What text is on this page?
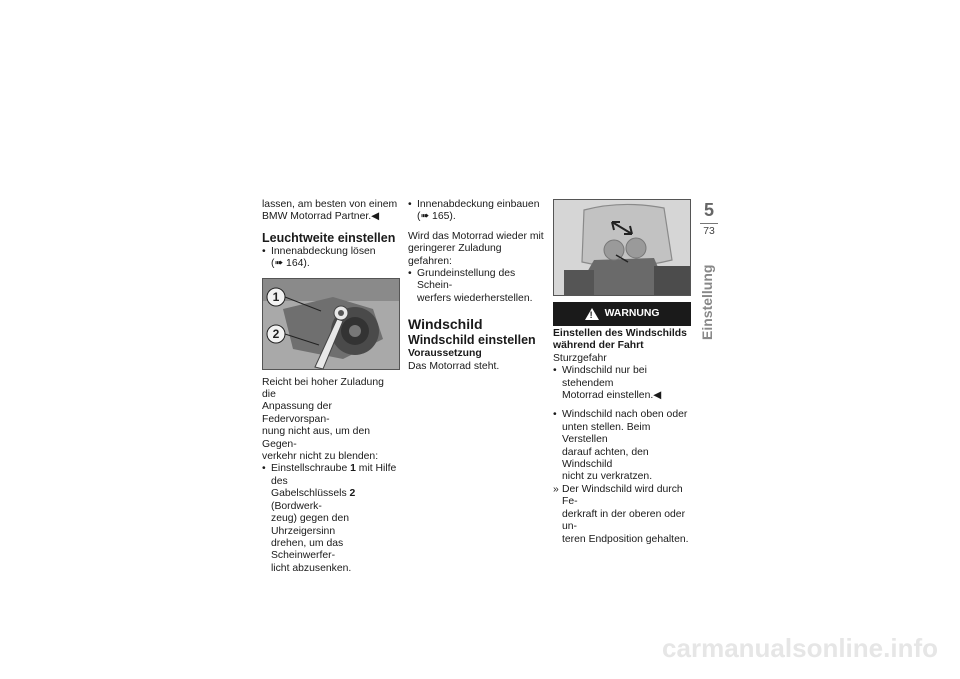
lassen, am besten von einem

BMW Motorrad Partner.◀

Leuchtweite einstellen
• Innenabdeckung lösen

(➠ 164).

1
2

Reicht bei hoher Zuladung die

Anpassung der Federvorspan-

nung nicht aus, um den Gegen-

verkehr nicht zu blenden:

• Einstellschraube 1 mit Hilfe des

Gabelschlüssels 2 (Bordwerk-

zeug) gegen den Uhrzeigersinn

drehen, um das Scheinwerfer-

licht abzusenken.

• Innenabdeckung einbauen

(➠ 165).

Wird das Motorrad wieder mit

geringerer Zuladung gefahren:

• Grundeinstellung des Schein-

werfers wiederherstellen.

Windschild
Windschild einstellen
Voraussetzung

Das Motorrad steht.

!
WARNUNG
Einstellen des Windschilds
während der Fahrt

Sturzgefahr

• Windschild nur bei stehendem

Motorrad einstellen.◀

• Windschild nach oben oder

unten stellen. Beim Verstellen

darauf achten, den Windschild

nicht zu verkratzen.

» Der Windschild wird durch Fe-

derkraft in der oberen oder un-

teren Endposition gehalten.

5
73
Einstellung
carmanualsonline.info
